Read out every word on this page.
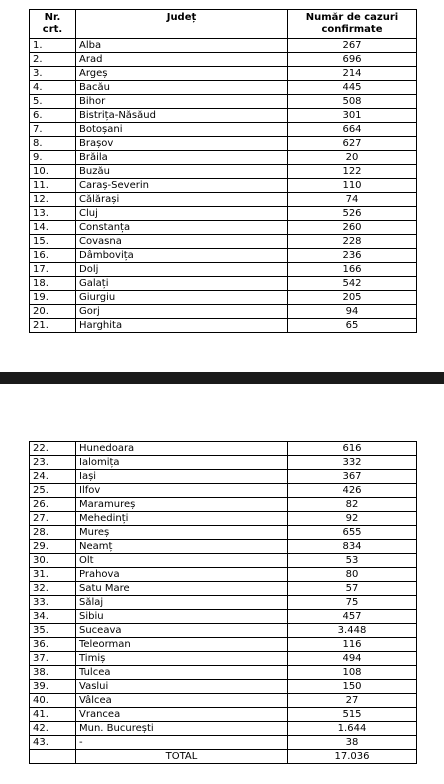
Nr.
crt.	Județ	Număr de cazuri confirmate
1.	Alba	267
2.	Arad	696
3.	Argeș	214
4.	Bacău	445
5.	Bihor	508
6.	Bistrița-Năsăud	301
7.	Botoșani	664
8.	Brașov	627
9.	Brăila	20
10.	Buzău	122
11.	Caraș-Severin	110
12.	Călărași	74
13.	Cluj	526
14.	Constanța	260
15.	Covasna	228
16.	Dâmbovița	236
17.	Dolj	166
18.	Galați	542
19.	Giurgiu	205
20.	Gorj	94
21.	Harghita	65
22.	Hunedoara	616
23.	Ialomița	332
24.	Iași	367
25.	Ilfov	426
26.	Maramureș	82
27.	Mehedinți	92
28.	Mureș	655
29.	Neamț	834
30.	Olt	53
31.	Prahova	80
32.	Satu Mare	57
33.	Sălaj	75
34.	Sibiu	457
35.	Suceava	3.448
36.	Teleorman	116
37.	Timiș	494
38.	Tulcea	108
39.	Vaslui	150
40.	Vâlcea	27
41.	Vrancea	515
42.	Mun. București	1.644
43.	-	38
	TOTAL	17.036
